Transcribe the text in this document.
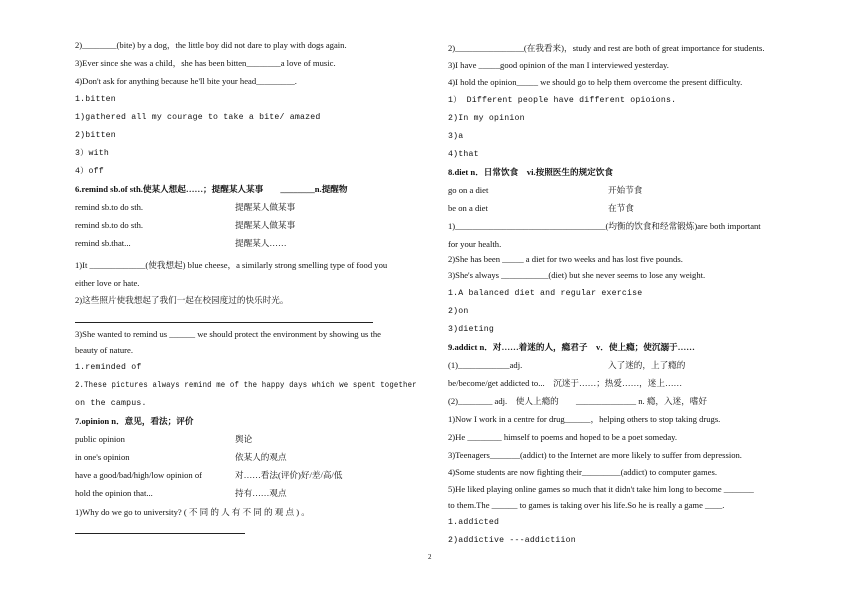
2)________(bite) by a dog，the little boy did not dare to play with dogs again.
3)Ever since she was a child，she has been bitten________a love of music.
4)Don't ask for anything because he'll bite your head_________.
1.bitten
1)gathered all my courage to take a bite/ amazed
2)bitten
3）with
4）off
6.remind sb.of sth.使某人想起……；提醒某人某事　　________n.提醒物
remind sb.to do sth.	提醒某人做某事
remind sb.to do sth.	提醒某人做某事
remind sb.that...	提醒某人……
1)It _____________(使我想起) blue cheese，a similarly strong smelling type of food you
either love or hate.
2)这些照片使我想起了我们一起在校园度过的快乐时光。
3)She wanted to remind us ______ we should protect the environment by showing us the
beauty of nature.
1.reminded of
2.These pictures always remind me of the happy days which we spent together
on the campus.
7.opinion n．意见，看法；评价
public opinion	舆论
in one's opinion	依某人的观点
have a good/bad/high/low opinion of	对……看法(评价)好/差/高/低
hold the opinion that...	持有……观点
1)Why do we go to university? ( 不 同 的 人 有 不 同 的 观 点 ) 。
2)________________(在我看来)，study and rest are both of great importance for students.
3)I have _____good opinion of the man I interviewed yesterday.
4)I hold the opinion_____ we should go to help them overcome the present difficulty.
1） Different people have different opioions.
2)In my opinion
3)a
4)that
8.diet n．日常饮食　vi.按照医生的规定饮食
go on a diet	开始节食
be on a diet	在节食
1)___________________________________(均衡的饮食和经常锻炼)are both important
for your health.
2)She has been _____ a diet for two weeks and has lost five pounds.
3)She's always ___________(diet) but she never seems to lose any weight.
1.A balanced diet and regular exercise
2)on
3)dieting
9.addict n．对……着迷的人，瘾君子　v．使上瘾；使沉溺于……
(1)____________adj.	入了迷的，上了瘾的
be/become/get addicted to...　沉迷于……；热爱……，迷上……
(2)________ adj.　使人上瘾的　　______________ n. 瘾，入迷，嗜好
1)Now I work in a centre for drug______，helping others to stop taking drugs.
2)He ________ himself to poems and hoped to be a poet someday.
3)Teenagers_______(addict) to the Internet are more likely to suffer from depression.
4)Some students are now fighting their_________(addict) to computer games.
5)He liked playing online games so much that it didn't take him long to become _______
to them.The ______ to games is taking over his life.So he is really a game ____.
1.addicted
2)addictive ---addictiion
2
